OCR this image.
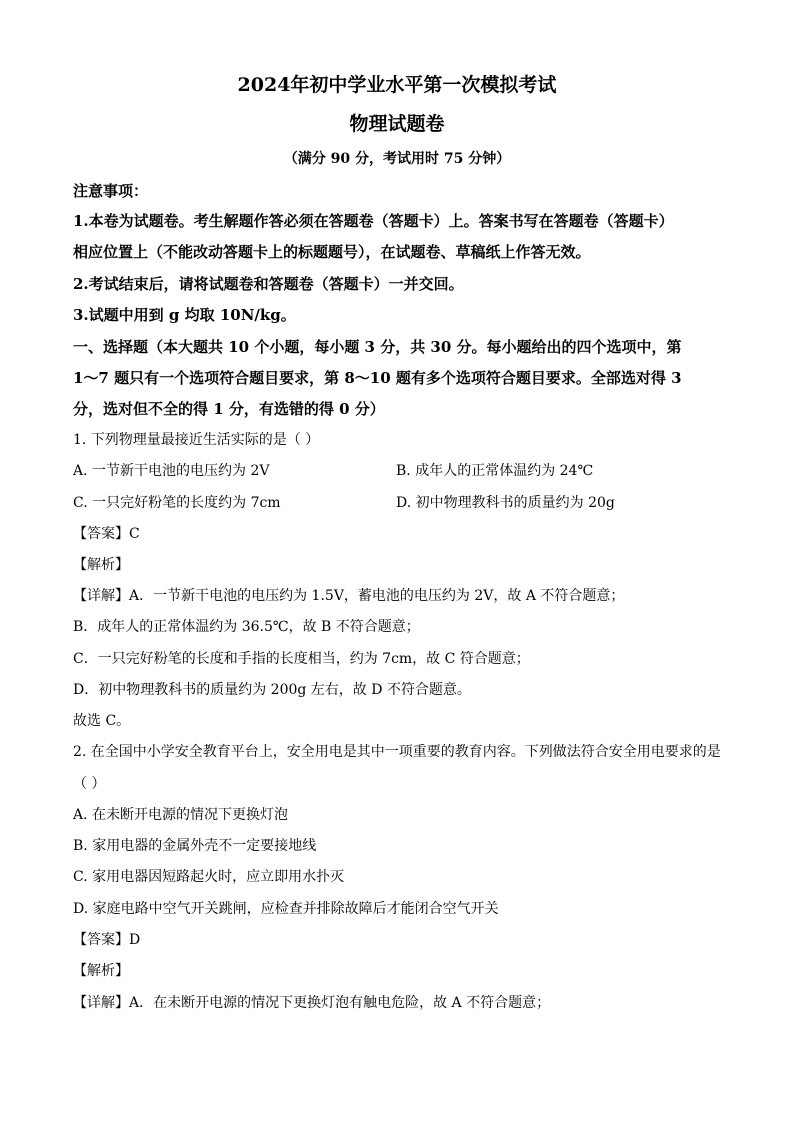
2024年初中学业水平第一次模拟考试
物理试题卷
（满分 90 分，考试用时 75 分钟）
注意事项：
1.本卷为试题卷。考生解题作答必须在答题卷（答题卡）上。答案书写在答题卷（答题卡）
相应位置上（不能改动答题卡上的标题题号），在试题卷、草稿纸上作答无效。
2.考试结束后，请将试题卷和答题卷（答题卡）一并交回。
3.试题中用到 g 均取 10N/kg。
一、选择题（本大题共 10 个小题，每小题 3 分，共 30 分。每小题给出的四个选项中，第
1～7 题只有一个选项符合题目要求，第 8～10 题有多个选项符合题目要求。全部选对得 3
分，选对但不全的得 1 分，有选错的得 0 分）
1. 下列物理量最接近生活实际的是（ ）
A. 一节新干电池的电压约为 2V	B. 成年人的正常体温约为 24℃
C. 一只完好粉笔的长度约为 7cm	D. 初中物理教科书的质量约为 20g
【答案】C
【解析】
【详解】A．一节新干电池的电压约为 1.5V，蓄电池的电压约为 2V，故 A 不符合题意；
B．成年人的正常体温约为 36.5℃，故 B 不符合题意；
C．一只完好粉笔的长度和手指的长度相当，约为 7cm，故 C 符合题意；
D．初中物理教科书的质量约为 200g 左右，故 D 不符合题意。
故选 C。
2. 在全国中小学安全教育平台上，安全用电是其中一项重要的教育内容。下列做法符合安全用电要求的是
（ ）
A. 在未断开电源的情况下更换灯泡
B. 家用电器的金属外壳不一定要接地线
C. 家用电器因短路起火时，应立即用水扑灭
D. 家庭电路中空气开关跳闸，应检查并排除故障后才能闭合空气开关
【答案】D
【解析】
【详解】A．在未断开电源的情况下更换灯泡有触电危险，故 A 不符合题意；
